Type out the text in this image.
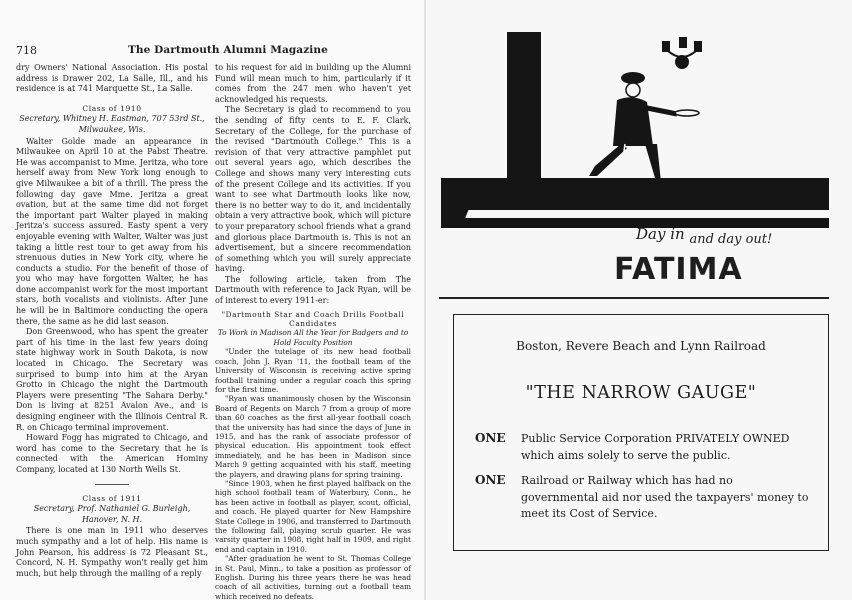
718	The Dartmouth Alumni Magazine

dry Owners' National Association. His postal address is Drawer 202, La Salle, Ill., and his residence is at 741 Marquette St., La Salle.

Class of 1910

Secretary, Whitney H. Eastman, 707 53rd St., Milwaukee, Wis.

Walter Golde made an appearance in Milwaukee on April 10 at the Pabst Theatre. He was accompanist to Mme. Jeritza, who tore herself away from New York long enough to give Milwaukee a bit of a thrill. The press the following day gave Mme. Jeritza a great ovation, but at the same time did not forget the important part Walter played in making Jeritza's success assured. Easty spent a very enjoyable evening with Walter, Walter was just taking a little rest tour to get away from his strenuous duties in New York city, where he conducts a studio. For the benefit of those of you who may have forgotten Walter, he has done accompanist work for the most important stars, both vocalists and violinists. After June he will be in Baltimore conducting the opera there, the same as he did last season.

Don Greenwood, who has spent the greater part of his time in the last few years doing state highway work in South Dakota, is now located in Chicago. The Secretary was surprised to bump into him at the Aryan Grotto in Chicago the night the Dartmouth Players were presenting "The Sahara Derby." Don is living at 8251 Avalon Ave., and is designing engineer with the Illinois Central R. R. on Chicago terminal improvement.

Howard Fogg has migrated to Chicago, and word has come to the Secretary that he is connected with the American Hominy Company, located at 130 North Wells St.

Class of 1911

Secretary, Prof. Nathaniel G. Burleigh, Hanover, N. H.

There is one man in 1911 who deserves much sympathy and a lot of help. His name is John Pearson, his address is 72 Pleasant St., Concord, N. H. Sympathy won't really get him much, but help through the mailing of a reply

to his request for aid in building up the Alumni Fund will mean much to him, particularly if it comes from the 247 men who haven't yet acknowledged his requests.

The Secretary is glad to recommend to you the sending of fifty cents to E. F. Clark, Secretary of the College, for the purchase of the revised "Dartmouth College." This is a revision of that very attractive pamphlet put out several years ago, which describes the College and shows many very interesting cuts of the present College and its activities. If you want to see what Dartmouth looks like now, there is no better way to do it, and incidentally obtain a very attractive book, which will picture to your preparatory school friends what a grand and glorious place Dartmouth is. This is not an advertisement, but a sincere recommendation of something which you will surely appreciate having.

The following article, taken from The Dartmouth with reference to Jack Ryan, will be of interest to every 1911-er:

"Dartmouth Star and Coach Drills Football Candidates

To Work in Madison All the Year for Badgers and to Hold Faculty Position

"Under the tutelage of its new head football coach, John J. Ryan '11, the football team of the University of Wisconsin is receiving active spring football training under a regular coach this spring for the first time.

"Ryan was unanimously chosen by the Wisconsin Board of Regents on March 7 from a group of more than 60 coaches as the first all-year football coach that the university has had since the days of June in 1915, and has the rank of associate professor of physical education. His appointment took effect immediately, and he has been in Madison since March 9 getting acquainted with his staff, meeting the players, and drawing plans for spring training.

"Since 1903, when he first played halfback on the high school football team of Waterbury, Conn., he has been active in football as player, scout, official, and coach. He played quarter for New Hampshire State College in 1906, and transferred to Dartmouth the following fall, playing scrub quarter. He was varsity quarter in 1908, right half in 1909, and right end and captain in 1910.

"After graduation he went to St. Thomas College in St. Paul, Minn., to take a position as professor of English. During his three years there he was head coach of all activities, turning out a football team which received no defeats.

Day in and day out!
FATIMA
Boston, Revere Beach and Lynn Railroad
"THE NARROW GAUGE"
ONE Public Service Corporation PRIVATELY OWNED which aims solely to serve the public.
ONE Railroad or Railway which has had no governmental aid nor used the taxpayers' money to meet its Cost of Service.
